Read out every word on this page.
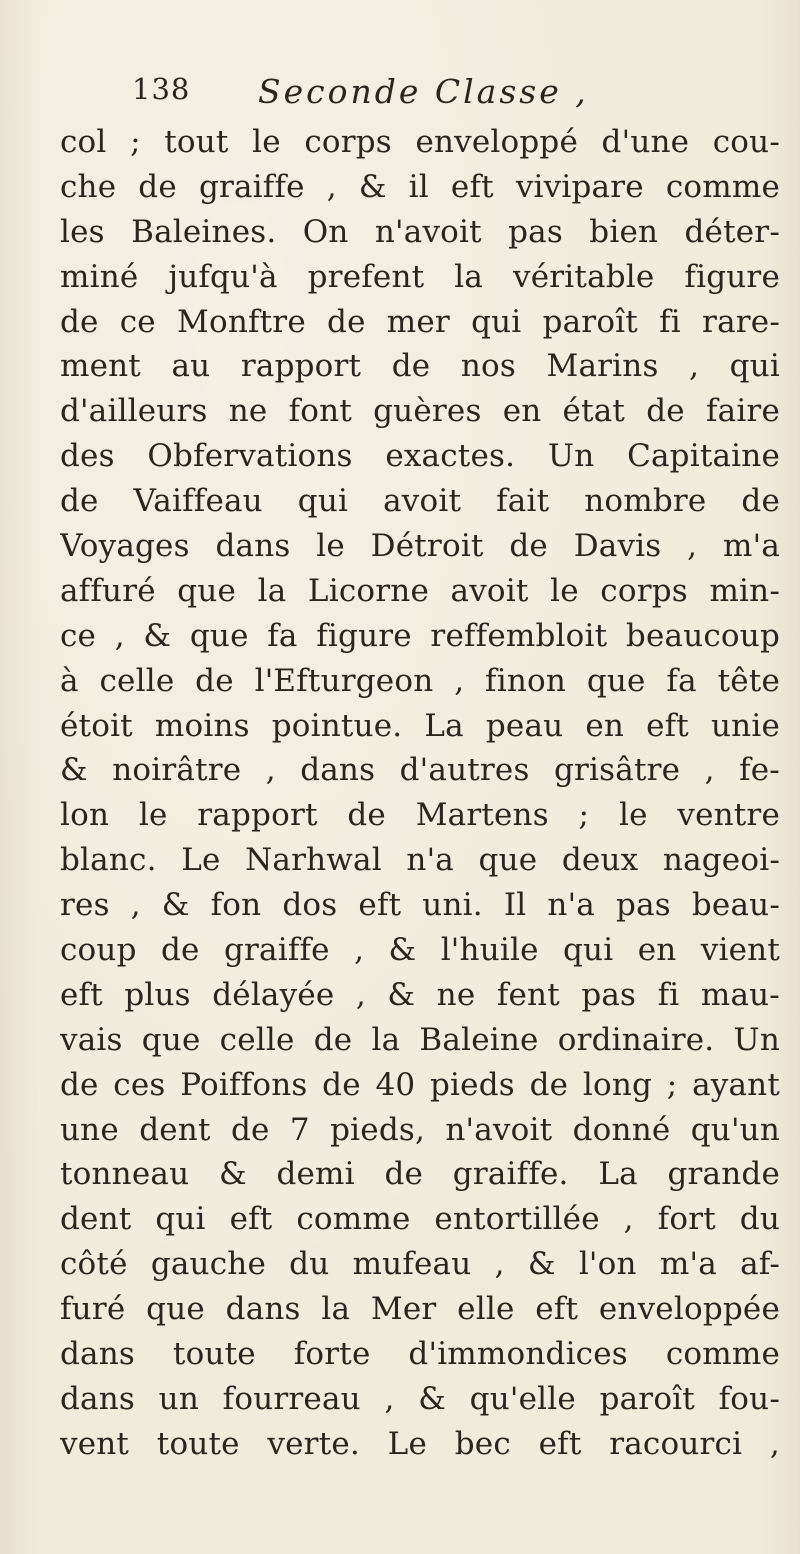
138 Seconde Classe ,
col ; tout le corps enveloppé d'une cou-
che de graiffe , & il eft vivipare comme
les Baleines. On n'avoit pas bien déter-
miné jufqu'à prefent la véritable figure
de ce Monftre de mer qui paroît fi rare-
ment au rapport de nos Marins , qui
d'ailleurs ne font guères en état de faire
des Obfervations exactes. Un Capitaine
de Vaiffeau qui avoit fait nombre de
Voyages dans le Détroit de Davis , m'a
affuré que la Licorne avoit le corps min-
ce , & que fa figure reffembloit beaucoup
à celle de l'Efturgeon , finon que fa tête
étoit moins pointue. La peau en eft unie
& noirâtre , dans d'autres grisâtre , fe-
lon le rapport de Martens ; le ventre
blanc. Le Narhwal n'a que deux nageoi-
res , & fon dos eft uni. Il n'a pas beau-
coup de graiffe , & l'huile qui en vient
eft plus délayée , & ne fent pas fi mau-
vais que celle de la Baleine ordinaire. Un
de ces Poiffons de 40 pieds de long ; ayant
une dent de 7 pieds, n'avoit donné qu'un
tonneau & demi de graiffe. La grande
dent qui eft comme entortillée , fort du
côté gauche du mufeau , & l'on m'a af-
furé que dans la Mer elle eft enveloppée
dans toute forte d'immondices comme
dans un fourreau , & qu'elle paroît fou-
vent toute verte. Le bec eft racourci ,
